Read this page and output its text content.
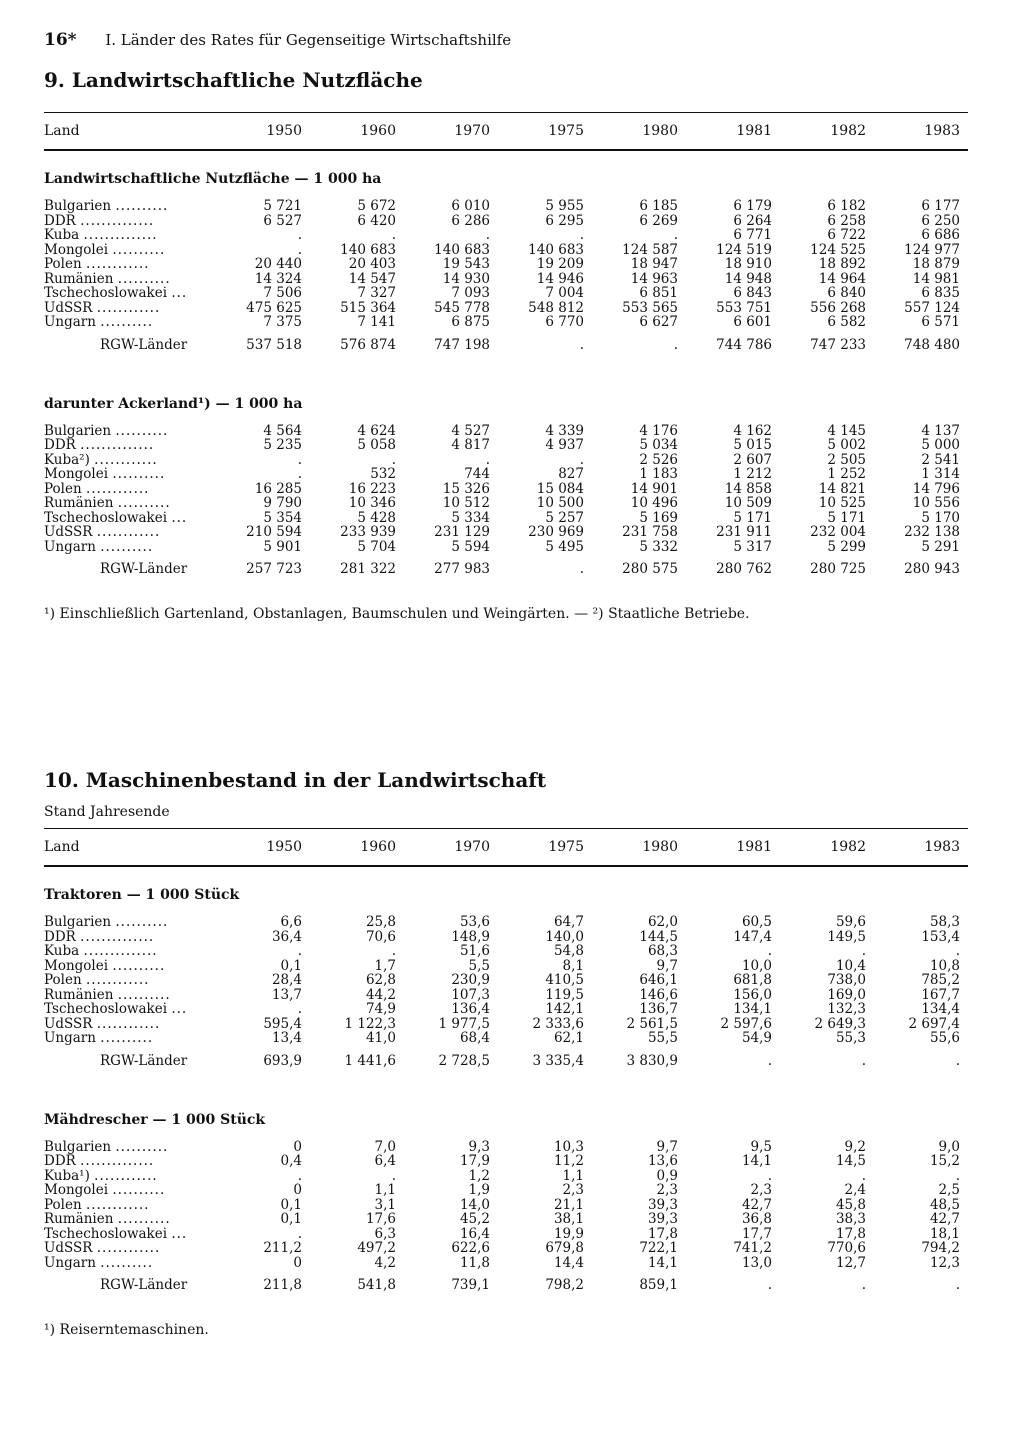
16* I. Länder des Rates für Gegenseitige Wirtschaftshilfe
9. Landwirtschaftliche Nutzfläche
Land	1950	1960	1970	1975	1980	1981	1982	1983
Landwirtschaftliche Nutzfläche — 1 000 ha
Bulgarien ..........	5 721	5 672	6 010	5 955	6 185	6 179	6 182	6 177
DDR ..............	6 527	6 420	6 286	6 295	6 269	6 264	6 258	6 250
Kuba ..............	.	.	.	.	.	6 771	6 722	6 686
Mongolei ..........	.	140 683	140 683	140 683	124 587	124 519	124 525	124 977
Polen ............	20 440	20 403	19 543	19 209	18 947	18 910	18 892	18 879
Rumänien ..........	14 324	14 547	14 930	14 946	14 963	14 948	14 964	14 981
Tschechoslowakei ...	7 506	7 327	7 093	7 004	6 851	6 843	6 840	6 835
UdSSR ............	475 625	515 364	545 778	548 812	553 565	553 751	556 268	557 124
Ungarn ..........	7 375	7 141	6 875	6 770	6 627	6 601	6 582	6 571
RGW-Länder	537 518	576 874	747 198	.	.	744 786	747 233	748 480
darunter Ackerland¹) — 1 000 ha
Bulgarien ..........	4 564	4 624	4 527	4 339	4 176	4 162	4 145	4 137
DDR ..............	5 235	5 058	4 817	4 937	5 034	5 015	5 002	5 000
Kuba²) ............	.	.	.	.	2 526	2 607	2 505	2 541
Mongolei ..........	.	532	744	827	1 183	1 212	1 252	1 314
Polen ............	16 285	16 223	15 326	15 084	14 901	14 858	14 821	14 796
Rumänien ..........	9 790	10 346	10 512	10 500	10 496	10 509	10 525	10 556
Tschechoslowakei ...	5 354	5 428	5 334	5 257	5 169	5 171	5 171	5 170
UdSSR ............	210 594	233 939	231 129	230 969	231 758	231 911	232 004	232 138
Ungarn ..........	5 901	5 704	5 594	5 495	5 332	5 317	5 299	5 291
RGW-Länder	257 723	281 322	277 983	.	280 575	280 762	280 725	280 943
¹) Einschließlich Gartenland, Obstanlagen, Baumschulen und Weingärten. — ²) Staatliche Betriebe.
10. Maschinenbestand in der Landwirtschaft
Stand Jahresende
Land	1950	1960	1970	1975	1980	1981	1982	1983
Traktoren — 1 000 Stück
Bulgarien ..........	6,6	25,8	53,6	64,7	62,0	60,5	59,6	58,3
DDR ..............	36,4	70,6	148,9	140,0	144,5	147,4	149,5	153,4
Kuba ..............	.	.	51,6	54,8	68,3	.	.	.
Mongolei ..........	0,1	1,7	5,5	8,1	9,7	10,0	10,4	10,8
Polen ............	28,4	62,8	230,9	410,5	646,1	681,8	738,0	785,2
Rumänien ..........	13,7	44,2	107,3	119,5	146,6	156,0	169,0	167,7
Tschechoslowakei ...	.	74,9	136,4	142,1	136,7	134,1	132,3	134,4
UdSSR ............	595,4	1 122,3	1 977,5	2 333,6	2 561,5	2 597,6	2 649,3	2 697,4
Ungarn ..........	13,4	41,0	68,4	62,1	55,5	54,9	55,3	55,6
RGW-Länder	693,9	1 441,6	2 728,5	3 335,4	3 830,9	.	.	.
Mähdrescher — 1 000 Stück
Bulgarien ..........	0	7,0	9,3	10,3	9,7	9,5	9,2	9,0
DDR ..............	0,4	6,4	17,9	11,2	13,6	14,1	14,5	15,2
Kuba¹) ............	.	.	1,2	1,1	0,9	.	.	.
Mongolei ..........	0	1,1	1,9	2,3	2,3	2,3	2,4	2,5
Polen ............	0,1	3,1	14,0	21,1	39,3	42,7	45,8	48,5
Rumänien ..........	0,1	17,6	45,2	38,1	39,3	36,8	38,3	42,7
Tschechoslowakei ...	.	6,3	16,4	19,9	17,8	17,7	17,8	18,1
UdSSR ............	211,2	497,2	622,6	679,8	722,1	741,2	770,6	794,2
Ungarn ..........	0	4,2	11,8	14,4	14,1	13,0	12,7	12,3
RGW-Länder	211,8	541,8	739,1	798,2	859,1	.	.	.
¹) Reiserntemaschinen.
